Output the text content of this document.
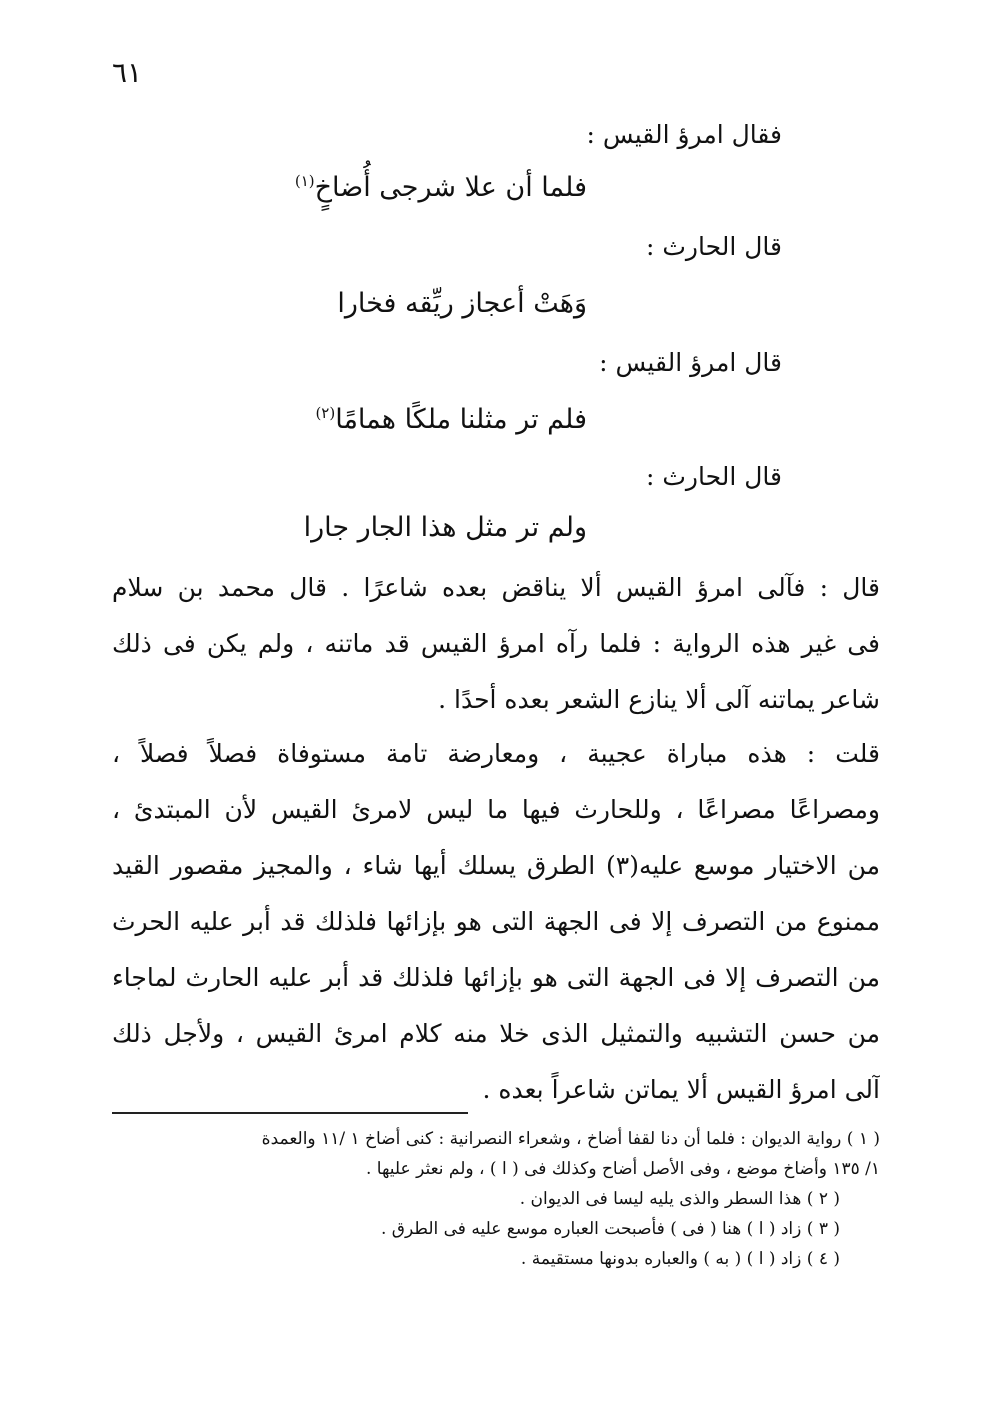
٦١
فقال امرؤ القيس :
فلما أن علا شرجى أُضاخٍ$^{(١)}$
قال الحارث :
وَهَتْ أعجاز ريِّقه فخارا
قال امرؤ القيس :
فلم تر مثلنا ملكًا همامًا$^{(٢)}$
قال الحارث :
ولم تر مثل هذا الجار جارا
قال : فآلى امرؤ القيس ألا يناقض بعده شاعرًا . قال محمد بن سلام
فى غير هذه الرواية : فلما رآه امرؤ القيس قد ماتنه ، ولم يكن فى ذلك
شاعر يماتنه آلى ألا ينازع الشعر بعده أحدًا .
قلت : هذه مباراة عجيبة ، ومعارضة تامة مستوفاة فصلاً فصلاً ،
ومصراعًا مصراعًا ، وللحارث فيها ما ليس لامرئ القيس لأن المبتدئ ،
من الاختيار موسع عليه(٣) الطرق يسلك أيها شاء ، والمجيز مقصور القيد
ممنوع من التصرف إلا فى الجهة التى هو بإزائها فلذلك قد أبر عليه الحرث
من التصرف إلا فى الجهة التى هو بإزائها فلذلك قد أبر عليه الحارث لماجاء
من حسن التشبيه والتمثيل الذى خلا منه كلام امرئ القيس ، ولأجل ذلك
آلى امرؤ القيس ألا يماتن شاعراً بعده .
( ١ ) رواية الديوان : فلما أن دنا لقفا أضاخ ، وشعراء النصرانية : كنى أضاخ ١ /١١ والعمدة
١/ ١٣٥ وأضاخ موضع ، وفى الأصل أضاح وكذلك فى ( ا ) ، ولم نعثر عليها .
( ٢ ) هذا السطر والذى يليه ليسا فى الديوان .
( ٣ ) زاد ( ا ) هنا ( فى ) فأصبحت العباره موسع عليه فى الطرق .
( ٤ ) زاد ( ا ) ( به ) والعباره بدونها مستقيمة .
